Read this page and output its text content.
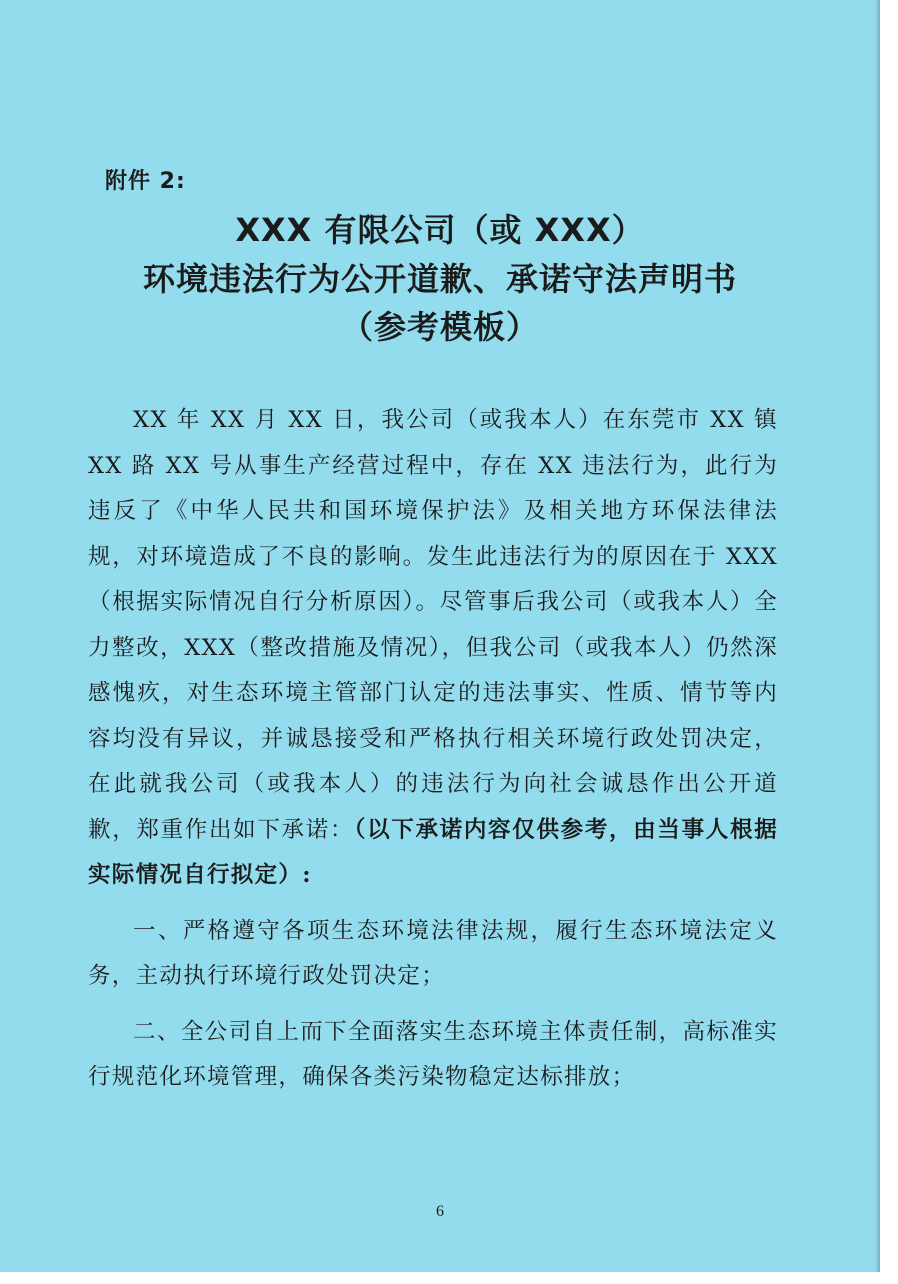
附件 2:
XXX 有限公司（或 XXX）
环境违法行为公开道歉、承诺守法声明书
（参考模板）

XX 年 XX 月 XX 日，我公司（或我本人）在东莞市 XX 镇 XX 路 XX 号从事生产经营过程中，存在 XX 违法行为，此行为违反了《中华人民共和国环境保护法》及相关地方环保法律法规，对环境造成了不良的影响。发生此违法行为的原因在于 XXX（根据实际情况自行分析原因）。尽管事后我公司（或我本人）全力整改，XXX（整改措施及情况），但我公司（或我本人）仍然深感愧疚，对生态环境主管部门认定的违法事实、性质、情节等内容均没有异议，并诚恳接受和严格执行相关环境行政处罚决定，在此就我公司（或我本人）的违法行为向社会诚恳作出公开道歉，郑重作出如下承诺：（以下承诺内容仅供参考，由当事人根据实际情况自行拟定）:

一、严格遵守各项生态环境法律法规，履行生态环境法定义务，主动执行环境行政处罚决定；

二、全公司自上而下全面落实生态环境主体责任制，高标准实行规范化环境管理，确保各类污染物稳定达标排放；

6
